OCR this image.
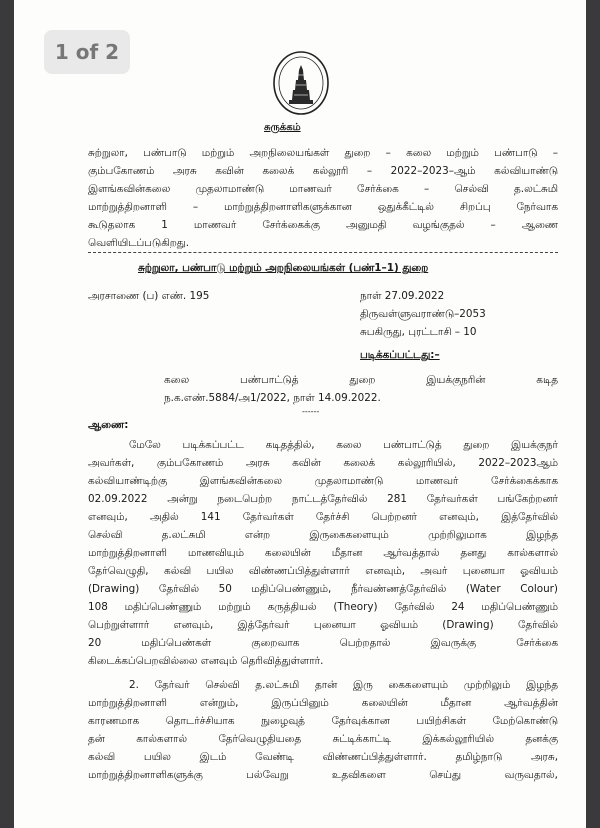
1 of 2
சுருக்கம்
சுற்றுலா, பண்பாடு மற்றும் அறநிலையங்கள் துறை – கலை மற்றும் பண்பாடு –
கும்பகோணம் அரசு கவின் கலைக் கல்லூரி – 2022–2023–ஆம் கல்வியாண்டு
இளங்கவின்கலை முதலாமாண்டு மாணவர் சேர்க்கை – செல்வி த.லட்சுமி
மாற்றுத்திறனாளி – மாற்றுத்திறனாளிகளுக்கான ஒதுக்கீட்டில் சிறப்பு நேர்வாக
கூடுதலாக 1 மாணவர் சேர்க்கைக்கு அனுமதி வழங்குதல் – ஆணை
வெளியிடப்படுகிறது.
சுற்றுலா, பண்பாடு மற்றும் அறநிலையங்கள் (பண்1–1) துறை
அரசாணை (ப) எண். 195	நாள் 27.09.2022
திருவள்ளுவராண்டு–2053
சுபகிருது, புரட்டாசி – 10
படிக்கப்பட்டது:–
கலை பண்பாட்டுத் துறை இயக்குநரின் கடித
ந.க.எண்.5884/அ1/2022, நாள் 14.09.2022.
------
ஆணை:
மேலே படிக்கப்பட்ட கடிதத்தில், கலை பண்பாட்டுத் துறை இயக்குநர்
அவர்கள், கும்பகோணம் அரசு கவின் கலைக் கல்லூரியில், 2022–2023ஆம்
கல்வியாண்டிற்கு இளங்கவின்கலை முதலாமாண்டு மாணவர் சேர்க்கைக்காக
02.09.2022 அன்று நடைபெற்ற நாட்டத்தேர்வில் 281 தேர்வர்கள் பங்கேற்றனர்
எனவும், அதில் 141 தேர்வர்கள் தேர்ச்சி பெற்றனர் எனவும், இத்தேர்வில்
செல்வி த.லட்சுமி என்ற இருகைகளையும் முற்றிலுமாக இழந்த
மாற்றுத்திறனாளி மாணவியும் கலையின் மீதான ஆர்வத்தால் தனது கால்களால்
தேர்வெழுதி, கல்வி பயில விண்ணப்பித்துள்ளார் எனவும், அவர் புனையா ஓவியம்
(Drawing) தேர்வில் 50 மதிப்பெண்ணும், நீர்வண்ணத்தேர்வில் (Water Colour)
108 மதிப்பெண்ணும் மற்றும் கருத்தியல் (Theory) தேர்வில் 24 மதிப்பெண்ணும்
பெற்றுள்ளார் எனவும், இத்தேர்வர் புனையா ஓவியம் (Drawing) தேர்வில்
20 மதிப்பெண்கள் குறைவாக பெற்றதால் இவருக்கு சேர்க்கை
கிடைக்கப்பெறவில்லை எனவும் தெரிவித்துள்ளார்.
2. தேர்வர் செல்வி த.லட்சுமி தான் இரு கைகளையும் முற்றிலும் இழந்த
மாற்றுத்திறனாளி என்றும், இருப்பினும் கலையின் மீதான ஆர்வத்தின்
காரணமாக தொடர்ச்சியாக நுழைவுத் தேர்வுக்கான பயிற்சிகள் மேற்கொண்டு
தன் கால்களால் தேர்வெழுதியதை சுட்டிக்காட்டி இக்கல்லூரியில் தனக்கு
கல்வி பயில இடம் வேண்டி விண்ணப்பித்துள்ளார். தமிழ்நாடு அரசு,
மாற்றுத்திறனாளிகளுக்கு பல்வேறு உதவிகளை செய்து வருவதால்,
